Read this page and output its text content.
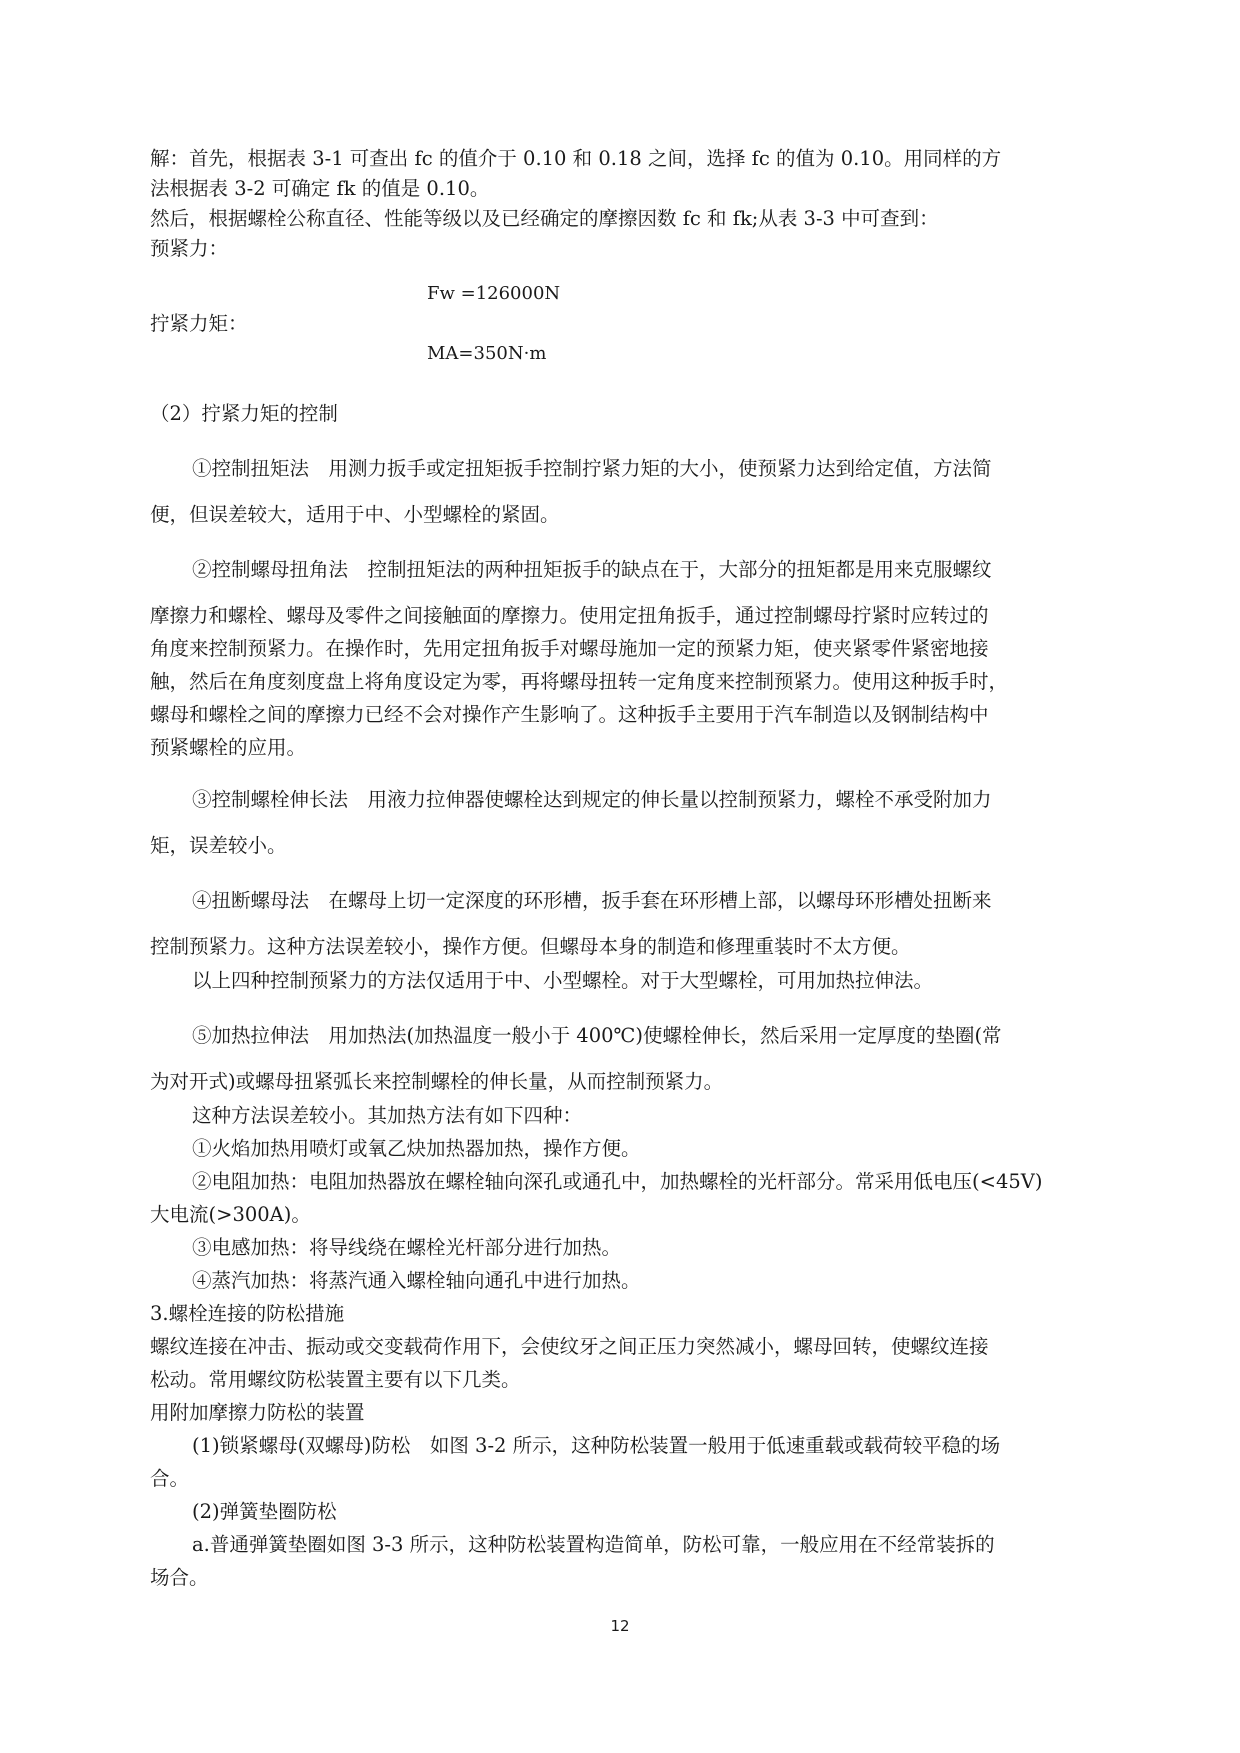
解：首先，根据表 3-1 可查出 fc 的值介于 0.10 和 0.18 之间，选择 fc 的值为 0.10。用同样的方
法根据表 3-2 可确定 fk 的值是 0.10。
然后，根据螺栓公称直径、性能等级以及已经确定的摩擦因数 fc 和 fk;从表 3-3 中可查到：
预紧力：
Fw =126000N
拧紧力矩：
MA=350N·m
（2）拧紧力矩的控制
①控制扭矩法　用测力扳手或定扭矩扳手控制拧紧力矩的大小，使预紧力达到给定值，方法简
便，但误差较大，适用于中、小型螺栓的紧固。
②控制螺母扭角法　控制扭矩法的两种扭矩扳手的缺点在于，大部分的扭矩都是用来克服螺纹
摩擦力和螺栓、螺母及零件之间接触面的摩擦力。使用定扭角扳手，通过控制螺母拧紧时应转过的
角度来控制预紧力。在操作时，先用定扭角扳手对螺母施加一定的预紧力矩，使夹紧零件紧密地接
触，然后在角度刻度盘上将角度设定为零，再将螺母扭转一定角度来控制预紧力。使用这种扳手时，
螺母和螺栓之间的摩擦力已经不会对操作产生影响了。这种扳手主要用于汽车制造以及钢制结构中
预紧螺栓的应用。
③控制螺栓伸长法　用液力拉伸器使螺栓达到规定的伸长量以控制预紧力，螺栓不承受附加力
矩，误差较小。
④扭断螺母法　在螺母上切一定深度的环形槽，扳手套在环形槽上部，以螺母环形槽处扭断来
控制预紧力。这种方法误差较小，操作方便。但螺母本身的制造和修理重装时不太方便。
以上四种控制预紧力的方法仅适用于中、小型螺栓。对于大型螺栓，可用加热拉伸法。
⑤加热拉伸法　用加热法(加热温度一般小于 400℃)使螺栓伸长，然后采用一定厚度的垫圈(常
为对开式)或螺母扭紧弧长来控制螺栓的伸长量，从而控制预紧力。
这种方法误差较小。其加热方法有如下四种：
①火焰加热用喷灯或氧乙炔加热器加热，操作方便。
②电阻加热：电阻加热器放在螺栓轴向深孔或通孔中，加热螺栓的光杆部分。常采用低电压(<45V)
大电流(>300A)。
③电感加热：将导线绕在螺栓光杆部分进行加热。
④蒸汽加热：将蒸汽通入螺栓轴向通孔中进行加热。
3.螺栓连接的防松措施
螺纹连接在冲击、振动或交变载荷作用下，会使纹牙之间正压力突然减小，螺母回转，使螺纹连接
松动。常用螺纹防松装置主要有以下几类。
用附加摩擦力防松的装置
(1)锁紧螺母(双螺母)防松　如图 3-2 所示，这种防松装置一般用于低速重载或载荷较平稳的场
合。
(2)弹簧垫圈防松
a.普通弹簧垫圈如图 3-3 所示，这种防松装置构造简单，防松可靠，一般应用在不经常装拆的
场合。
12
